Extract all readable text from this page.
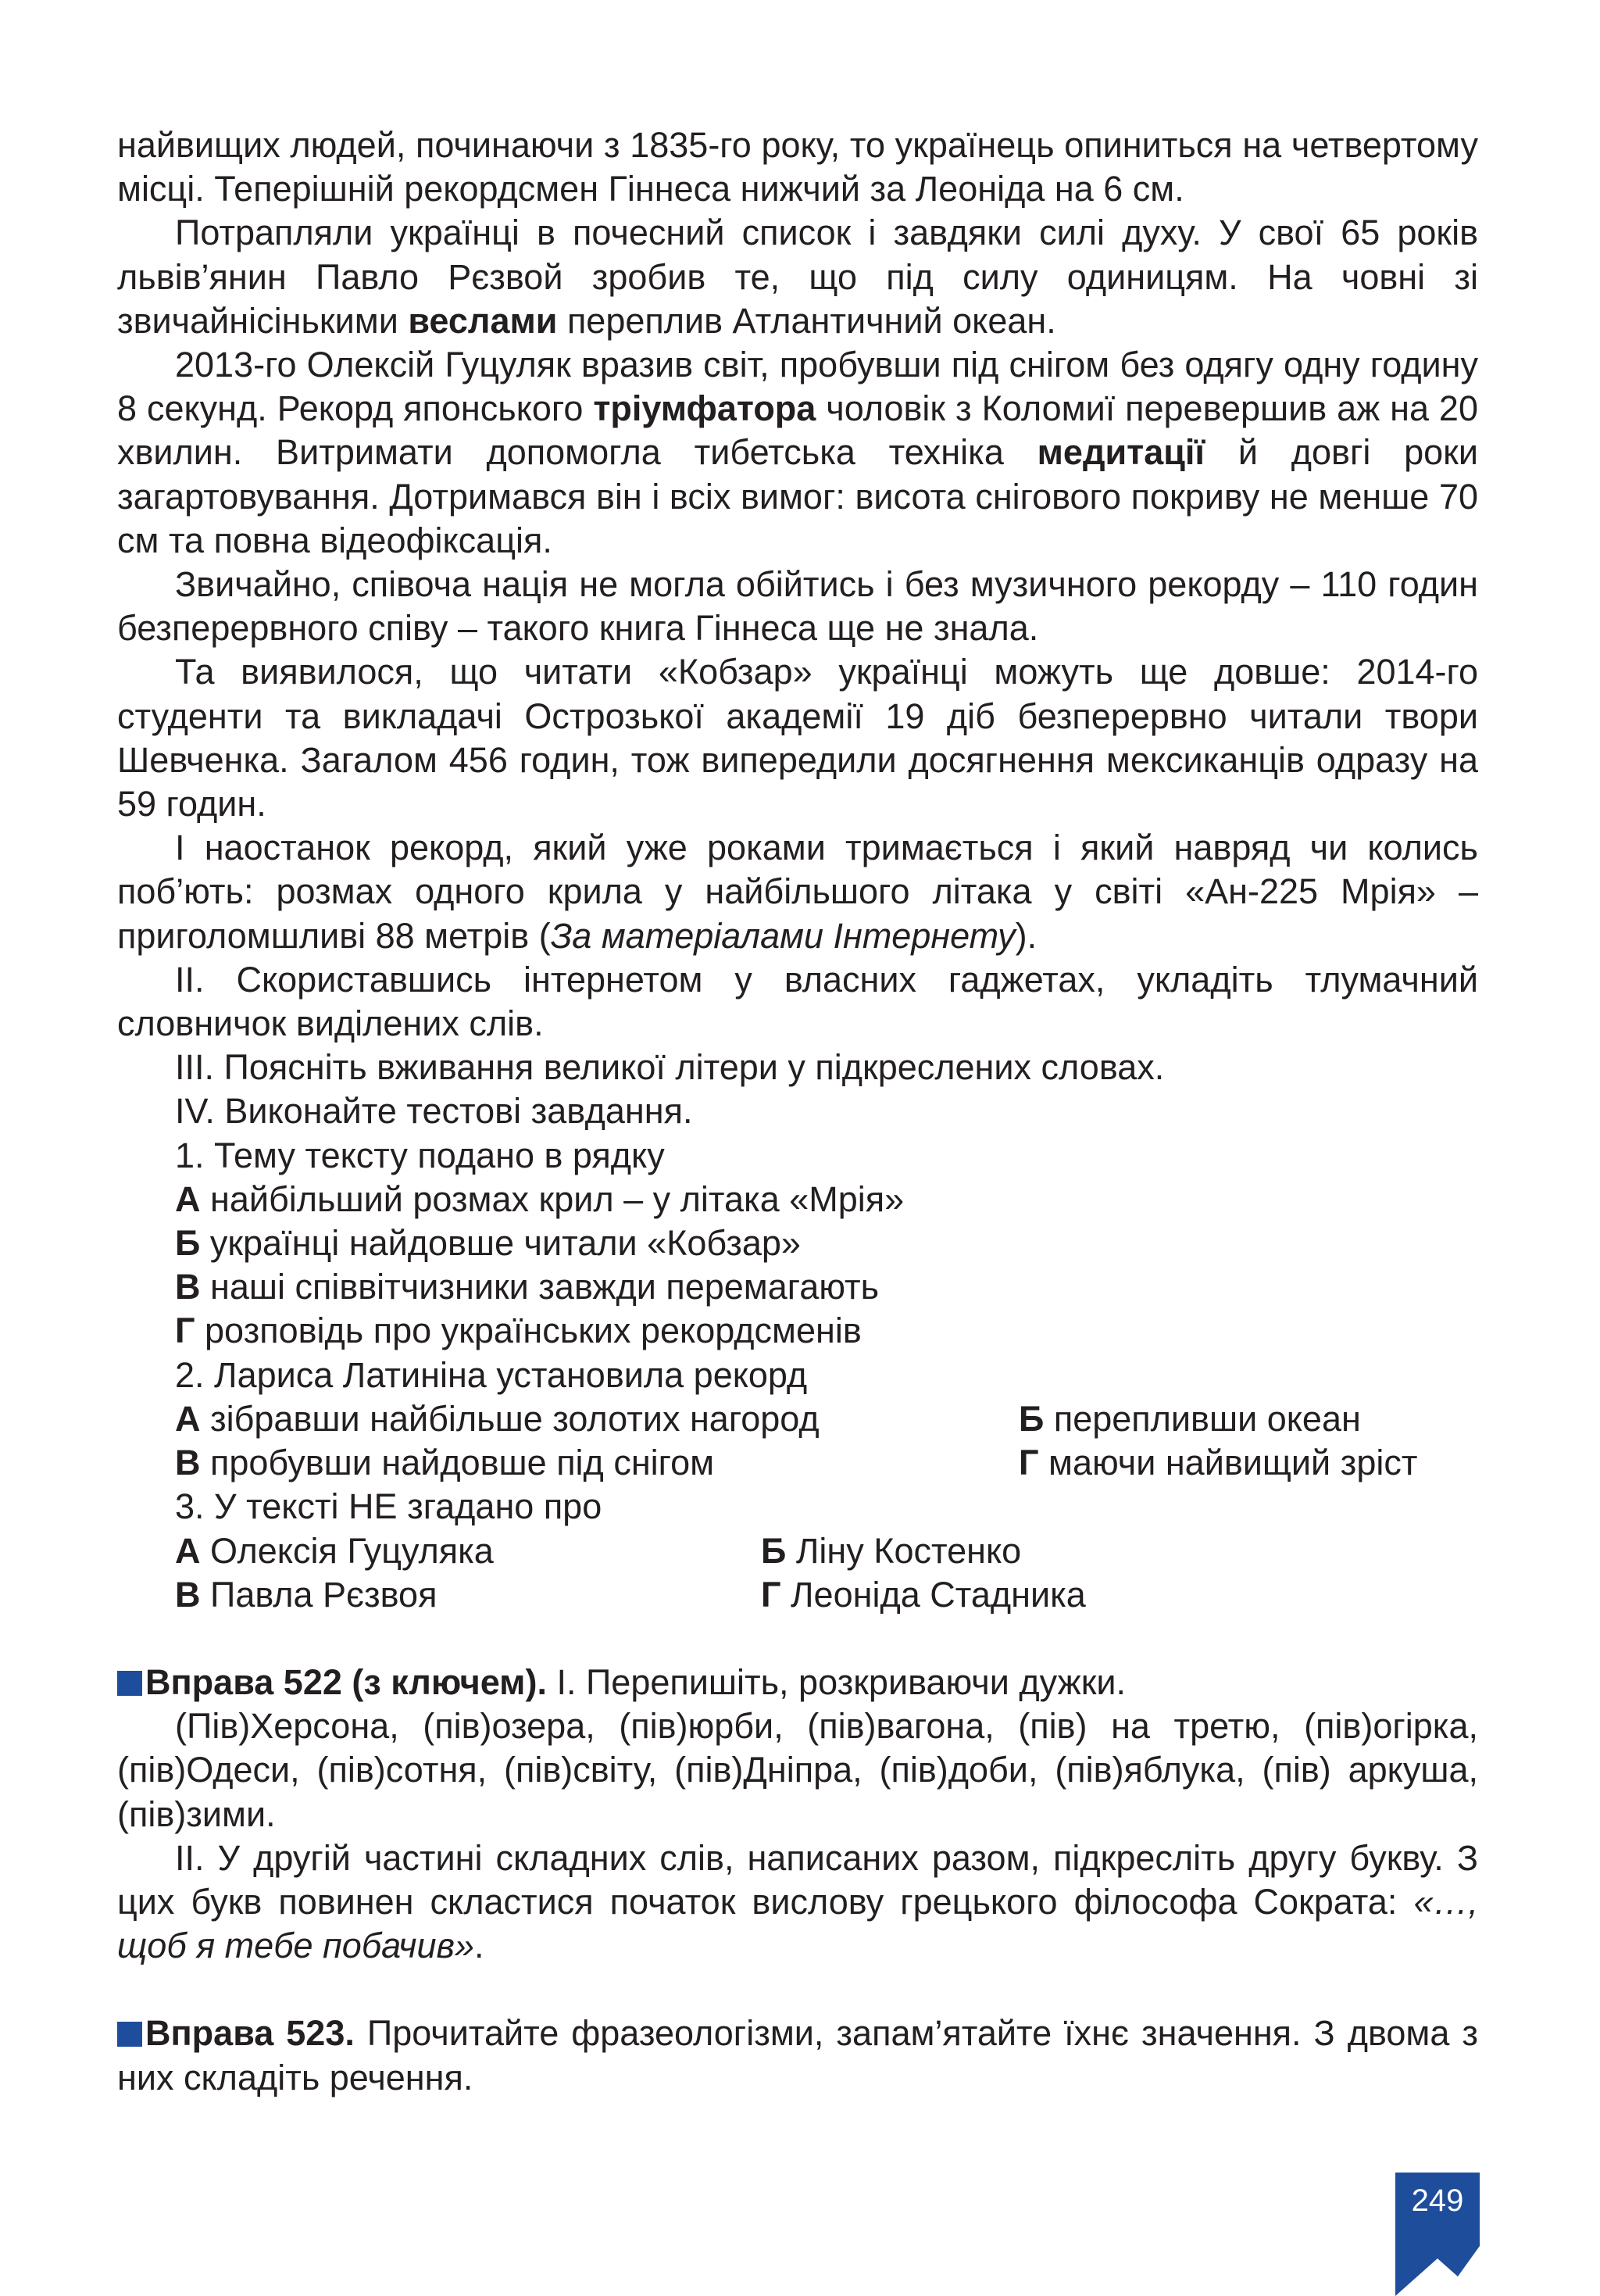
найвищих людей, починаючи з 1835-го року, то українець опиниться на четвертому місці. Теперішній рекордсмен Гіннеса нижчий за Леоніда на 6 см.

Потрапляли українці в почесний список і завдяки силі духу. У свої 65 років львів’янин Павло Рєзвой зробив те, що під силу одиницям. На човні зі звичайнісінькими веслами переплив Атлантичний океан.

2013-го Олексій Гуцуляк вразив світ, пробувши під снігом без одягу одну годину 8 секунд. Рекорд японського тріумфатора чоловік з Коломиї перевершив аж на 20 хвилин. Витримати допомогла тибетська техніка медитації й довгі роки загартовування. Дотримався він і всіх вимог: висота снігового покриву не менше 70 см та повна відеофіксація.

Звичайно, співоча нація не могла обійтись і без музичного рекорду – 110 годин безперервного співу – такого книга Гіннеса ще не знала.

Та виявилося, що читати «Кобзар» українці можуть ще довше: 2014-го студенти та викладачі Острозької академії 19 діб безперервно читали твори Шевченка. Загалом 456 годин, тож випередили досягнення мексиканців одразу на 59 годин.

І наостанок рекорд, який уже роками тримається і який навряд чи колись поб’ють: розмах одного крила у найбільшого літака у світі «Ан-225 Мрія» – приголомшливі 88 метрів (За матеріалами Інтернету).

ІІ. Скориставшись інтернетом у власних гаджетах, укладіть тлумачний словничок виділених слів.

ІІІ. Поясніть вживання великої літери у підкреслених словах.

ІV. Виконайте тестові завдання.

1. Тему тексту подано в рядку

А найбільший розмах крил – у літака «Мрія»

Б українці найдовше читали «Кобзар»

В наші співвітчизники завжди перемагають

Г розповідь про українських рекордсменів

2. Лариса Латиніна установила рекорд

А зібравши найбільше золотих нагород	Б перепливши океан
В пробувши найдовше під снігом	Г маючи найвищий зріст

3. У тексті НЕ згадано про

А Олексія Гуцуляка	Б Ліну Костенко
В Павла Рєзвоя	Г Леоніда Стадника

Вправа 522 (з ключем). І. Перепишіть, розкриваючи дужки.

(Пів)Херсона, (пів)озера, (пів)юрби, (пів)вагона, (пів) на третю, (пів)огірка, (пів)Одеси, (пів)сотня, (пів)світу, (пів)Дніпра, (пів)доби, (пів)яблука, (пів) аркуша, (пів)зими.

ІІ. У другій частині складних слів, написаних разом, підкресліть другу букву. З цих букв повинен скластися початок вислову грецького філософа Сократа: «…, щоб я тебе побачив».

Вправа 523. Прочитайте фразеологізми, запам’ятайте їхнє значення. З двома з них складіть речення.

249
